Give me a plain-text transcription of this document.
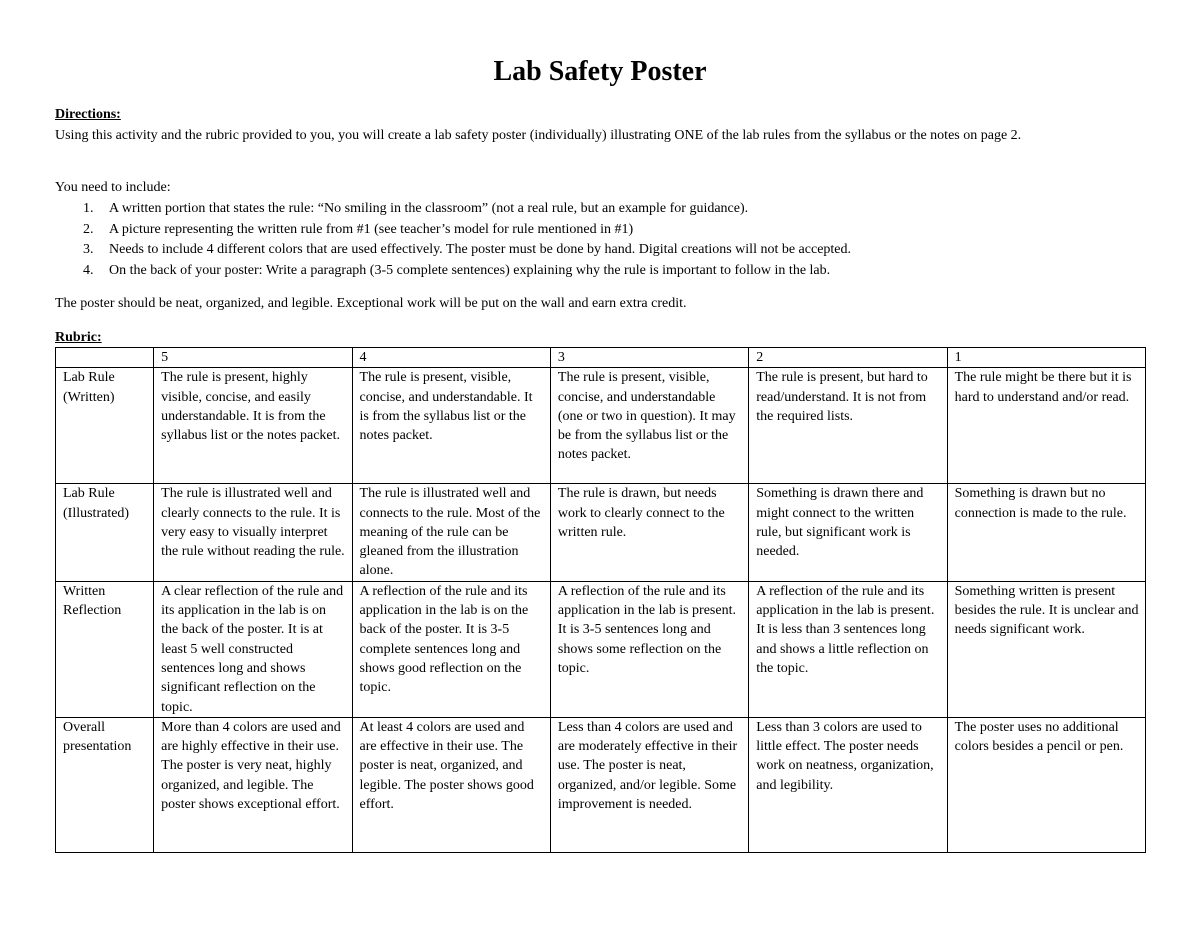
Lab Safety Poster
Directions:

Using this activity and the rubric provided to you, you will create a lab safety poster (individually) illustrating ONE of the lab rules from the syllabus or the notes on page 2.

You need to include:
1. A written portion that states the rule: “No smiling in the classroom” (not a real rule, but an example for guidance).
2. A picture representing the written rule from #1 (see teacher’s model for rule mentioned in #1)
3. Needs to include 4 different colors that are used effectively. The poster must be done by hand. Digital creations will not be accepted.
4. On the back of your poster: Write a paragraph (3-5 complete sentences) explaining why the rule is important to follow in the lab.
The poster should be neat, organized, and legible. Exceptional work will be put on the wall and earn extra credit.
Rubric:
	5	4	3	2	1
Lab Rule (Written)	The rule is present, highly visible, concise, and easily understandable. It is from the syllabus list or the notes packet.	The rule is present, visible, concise, and understandable. It is from the syllabus list or the notes packet.	The rule is present, visible, concise, and understandable (one or two in question). It may be from the syllabus list or the notes packet.	The rule is present, but hard to read/understand. It is not from the required lists.	The rule might be there but it is hard to understand and/or read.
Lab Rule (Illustrated)	The rule is illustrated well and clearly connects to the rule. It is very easy to visually interpret the rule without reading the rule.	The rule is illustrated well and connects to the rule. Most of the meaning of the rule can be gleaned from the illustration alone.	The rule is drawn, but needs work to clearly connect to the written rule.	Something is drawn there and might connect to the written rule, but significant work is needed.	Something is drawn but no connection is made to the rule.
Written Reflection	A clear reflection of the rule and its application in the lab is on the back of the poster. It is at least 5 well constructed sentences long and shows significant reflection on the topic.	A reflection of the rule and its application in the lab is on the back of the poster. It is 3-5 complete sentences long and shows good reflection on the topic.	A reflection of the rule and its application in the lab is present. It is 3-5 sentences long and shows some reflection on the topic.	A reflection of the rule and its application in the lab is present. It is less than 3 sentences long and shows a little reflection on the topic.	Something written is present besides the rule. It is unclear and needs significant work.
Overall presentation	More than 4 colors are used and are highly effective in their use. The poster is very neat, highly organized, and legible. The poster shows exceptional effort.	At least 4 colors are used and are effective in their use. The poster is neat, organized, and legible. The poster shows good effort.	Less than 4 colors are used and are moderately effective in their use. The poster is neat, organized, and/or legible. Some improvement is needed.	Less than 3 colors are used to little effect. The poster needs work on neatness, organization, and legibility.	The poster uses no additional colors besides a pencil or pen.
